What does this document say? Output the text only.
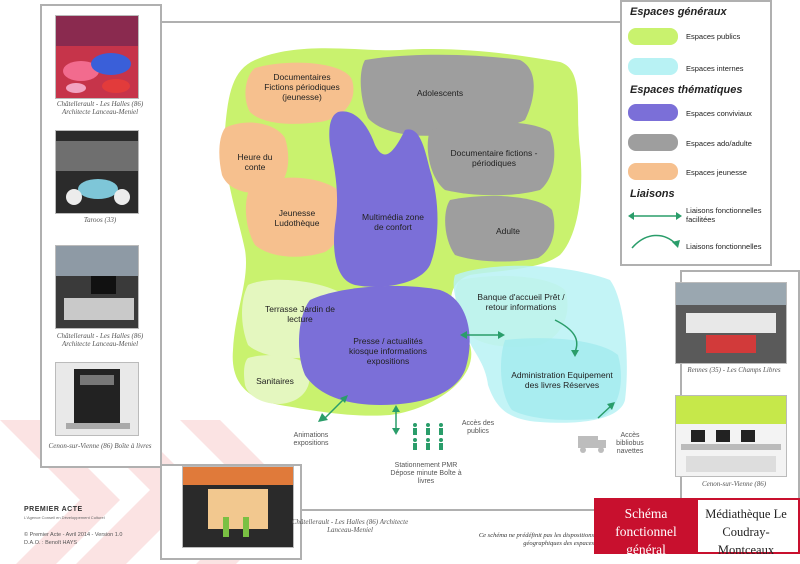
Châtellerault - Les Halles (86) Architecte Lanceau-Meniel
Taroos (33)
Châtellerault - Les Halles (86) Architecte Lanceau-Meniel
Cenon-sur-Vienne (86) Boîte à livres
Châtellerault - Les Halles (86) Architecte Lanceau-Meniel
Rennes (35) - Les Champs Libres
Cenon-sur-Vienne (86)
Documentaires Fictions périodiques (jeunesse)
Heure du conte
Jeunesse Ludothèque
Adolescents
Documentaire fictions - périodiques
Adulte
Multimédia zone de confort
Terrasse Jardin de lecture
Presse / actualités kiosque informations expositions
Sanitaires
Banque d'accueil Prêt / retour informations
Administration Equipement des livres Réserves
Animations expositions
Accès des publics
Stationnement PMR Dépose minute Boîte à livres
Accès bibliobus navettes
Espaces généraux
Espaces publics
Espaces internes
Espaces thématiques
Espaces conviviaux
Espaces ado/adulte
Espaces jeunesse
Liaisons
Liaisons fonctionnelles facilitées
Liaisons fonctionnelles
Schéma fonctionnel général
Médiathèque Le Coudray-Montceaux
PREMIER ACTE
L'Agence Conseil en Développement Culturel
© Premier Acte - Avril 2014 - Version 1.0
D.A.O. : Benoît HAYS
Ce schéma ne prédéfinit pas les dispositions géographiques des espaces
